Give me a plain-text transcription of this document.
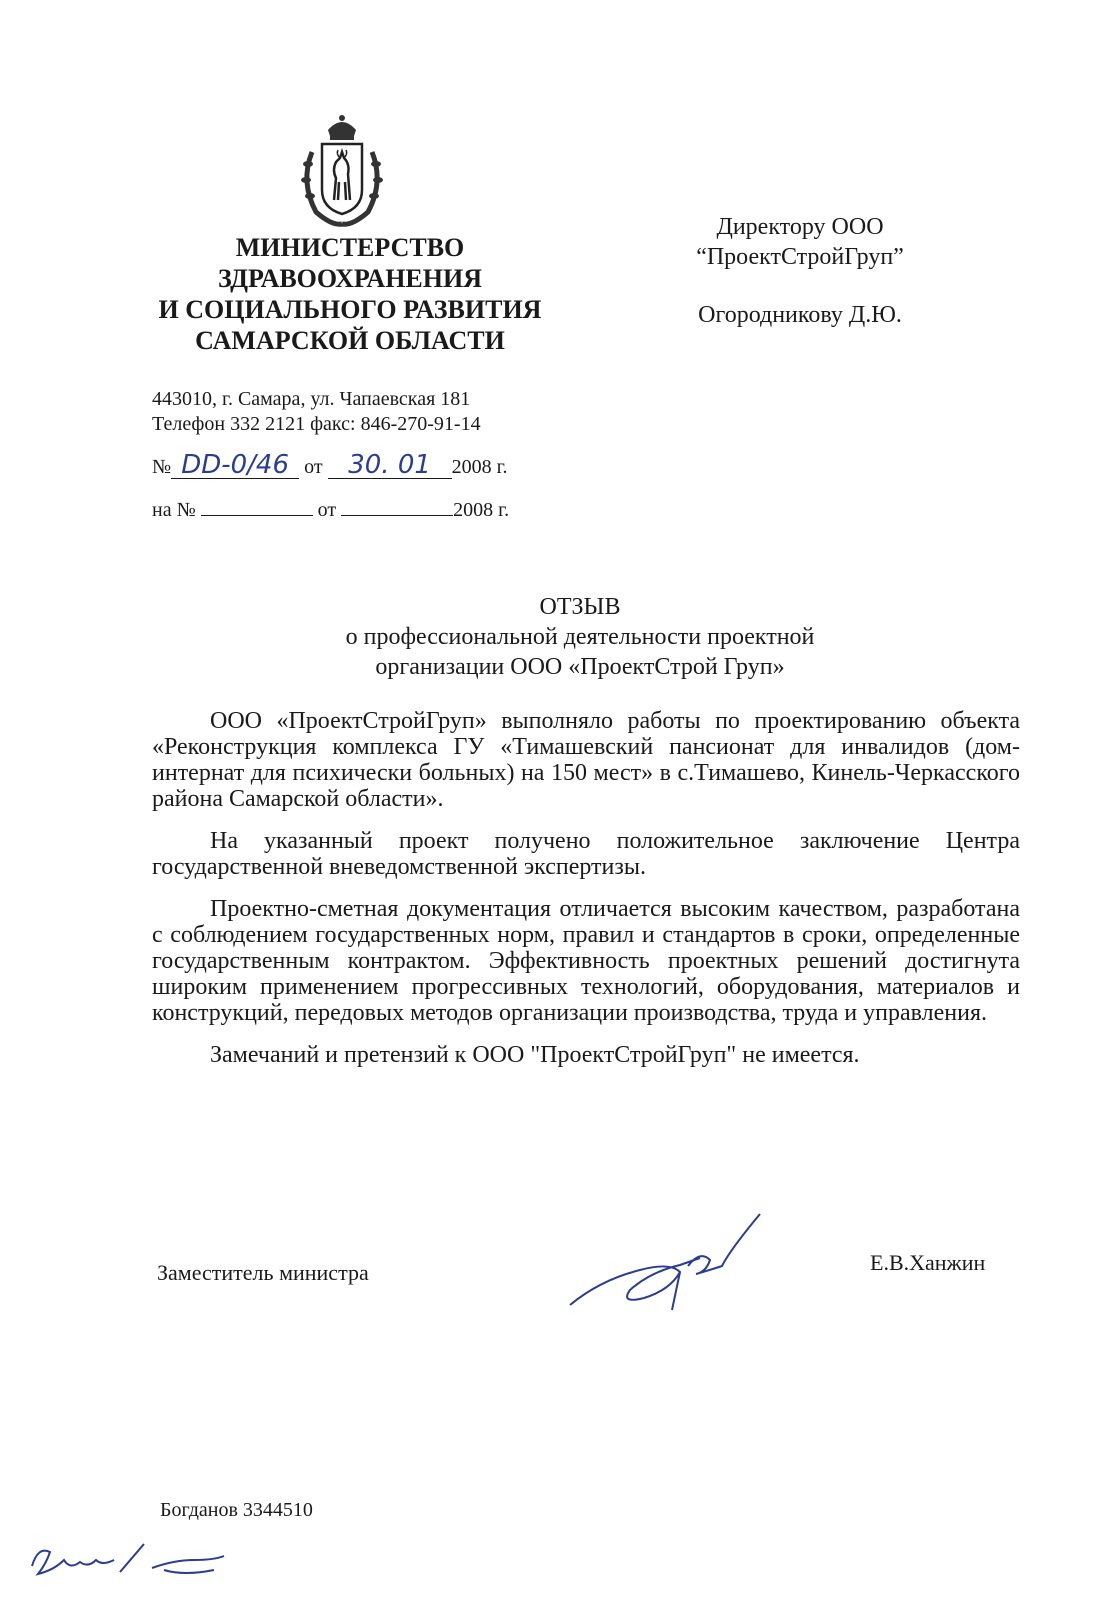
МИНИСТЕРСТВО
ЗДРАВООХРАНЕНИЯ
И СОЦИАЛЬНОГО РАЗВИТИЯ
САМАРСКОЙ ОБЛАСТИ
Директору ООО
“ПроектСтройГруп”
Огородникову Д.Ю.
443010, г. Самара, ул. Чапаевская 181
Телефон 332 2121 факс: 846-270-91-14
№ DD-0/46 от 30. 01 2008 г.
на №	от	2008 г.
ОТЗЫВ
о профессиональной деятельности проектной
организации ООО «ПроектСтрой Груп»

ООО «ПроектСтройГруп» выполняло работы по проектированию объекта «Реконструкция комплекса ГУ «Тимашевский пансионат для инвалидов (дом-интернат для психически больных) на 150 мест» в с.Тимашево, Кинель-Черкасского района Самарской области».

На указанный проект получено положительное заключение Центра государственной вневедомственной экспертизы.

Проектно-сметная документация отличается высоким качеством, разработана с соблюдением государственных норм, правил и стандартов в сроки, определенные государственным контрактом. Эффективность проектных решений достигнута широким применением прогрессивных технологий, оборудования, материалов и конструкций, передовых методов организации производства, труда и управления.

Замечаний и претензий к ООО "ПроектСтройГруп" не имеется.

Заместитель министра	Е.В.Ханжин
Богданов 3344510
